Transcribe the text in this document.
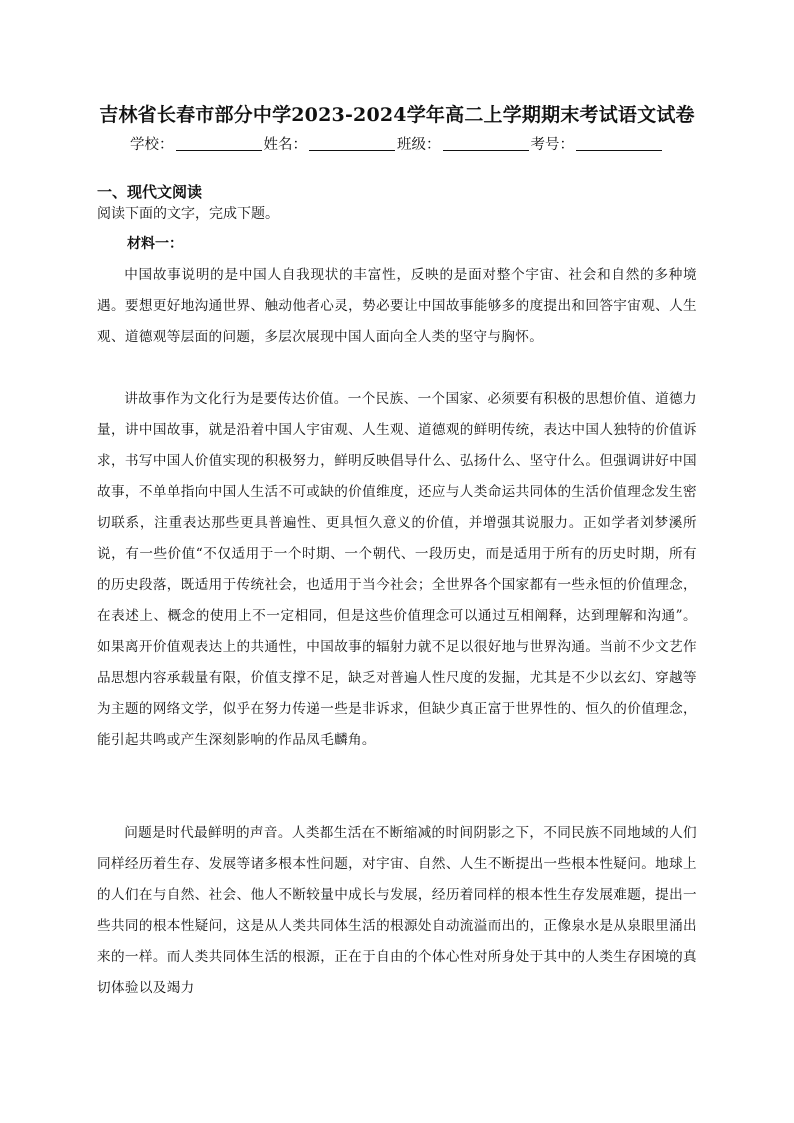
吉林省长春市部分中学2023-2024学年高二上学期期末考试语文试卷
学校：	姓名：	班级：	考号：
一、现代文阅读
阅读下面的文字，完成下题。
材料一：

中国故事说明的是中国人自我现状的丰富性，反映的是面对整个宇宙、社会和自然的多种境遇。要想更好地沟通世界、触动他者心灵，势必要让中国故事能够多的度提出和回答宇宙观、人生观、道德观等层面的问题，多层次展现中国人面向全人类的坚守与胸怀。

讲故事作为文化行为是要传达价值。一个民族、一个国家、必须要有积极的思想价值、道德力量，讲中国故事，就是沿着中国人宇宙观、人生观、道德观的鲜明传统，表达中国人独特的价值诉求，书写中国人价值实现的积极努力，鲜明反映倡导什么、弘扬什么、坚守什么。但强调讲好中国故事，不单单指向中国人生活不可或缺的价值维度，还应与人类命运共同体的生活价值理念发生密切联系，注重表达那些更具普遍性、更具恒久意义的价值，并增强其说服力。正如学者刘梦溪所说，有一些价值“不仅适用于一个时期、一个朝代、一段历史，而是适用于所有的历史时期，所有的历史段落，既适用于传统社会，也适用于当今社会；全世界各个国家都有一些永恒的价值理念，在表述上、概念的使用上不一定相同，但是这些价值理念可以通过互相阐释，达到理解和沟通”。如果离开价值观表达上的共通性，中国故事的辐射力就不足以很好地与世界沟通。当前不少文艺作品思想内容承载量有限，价值支撑不足，缺乏对普遍人性尺度的发掘，尤其是不少以玄幻、穿越等为主题的网络文学，似乎在努力传递一些是非诉求，但缺少真正富于世界性的、恒久的价值理念，能引起共鸣或产生深刻影响的作品凤毛麟角。

问题是时代最鲜明的声音。人类都生活在不断缩减的时间阴影之下，不同民族不同地域的人们同样经历着生存、发展等诸多根本性问题，对宇宙、自然、人生不断提出一些根本性疑问。地球上的人们在与自然、社会、他人不断较量中成长与发展，经历着同样的根本性生存发展难题，提出一些共同的根本性疑问，这是从人类共同体生活的根源处自动流溢而出的，正像泉水是从泉眼里涌出来的一样。而人类共同体生活的根源，正在于自由的个体心性对所身处于其中的人类生存困境的真切体验以及竭力
